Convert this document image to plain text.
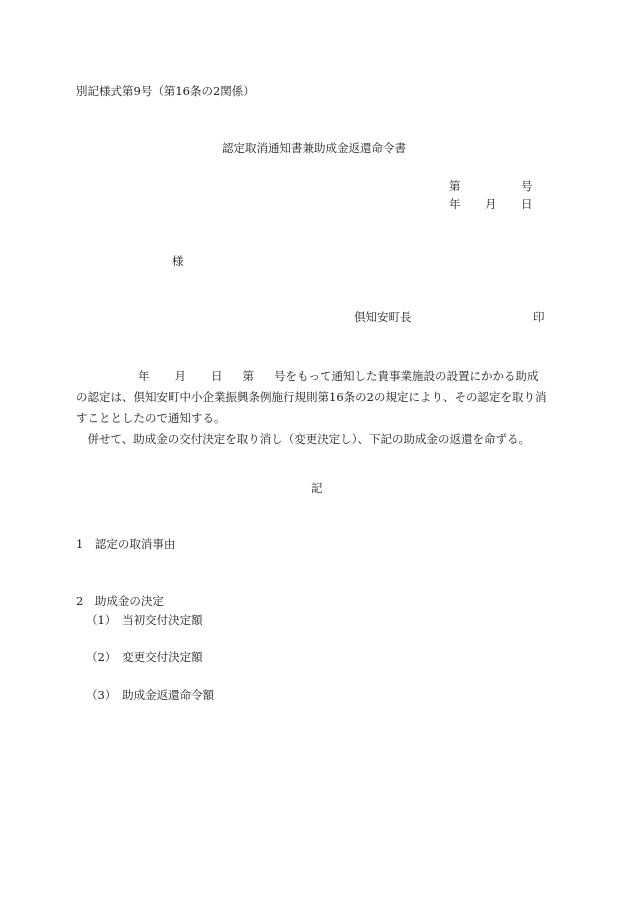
別記様式第9号（第16条の2関係）
認定取消通知書兼助成金返還命令書
第	号
年 月 日
様
倶知安町長	印
年 月 日 第 号をもって通知した貴事業施設の設置にかかる助成
の認定は、倶知安町中小企業振興条例施行規則第16条の2の規定により、その認定を取り消
すこととしたので通知する。
　併せて、助成金の交付決定を取り消し（変更決定し）、下記の助成金の返還を命ずる。
記
1　認定の取消事由
2　助成金の決定
（1）　当初交付決定額
（2）　変更交付決定額
（3）　助成金返還命令額
